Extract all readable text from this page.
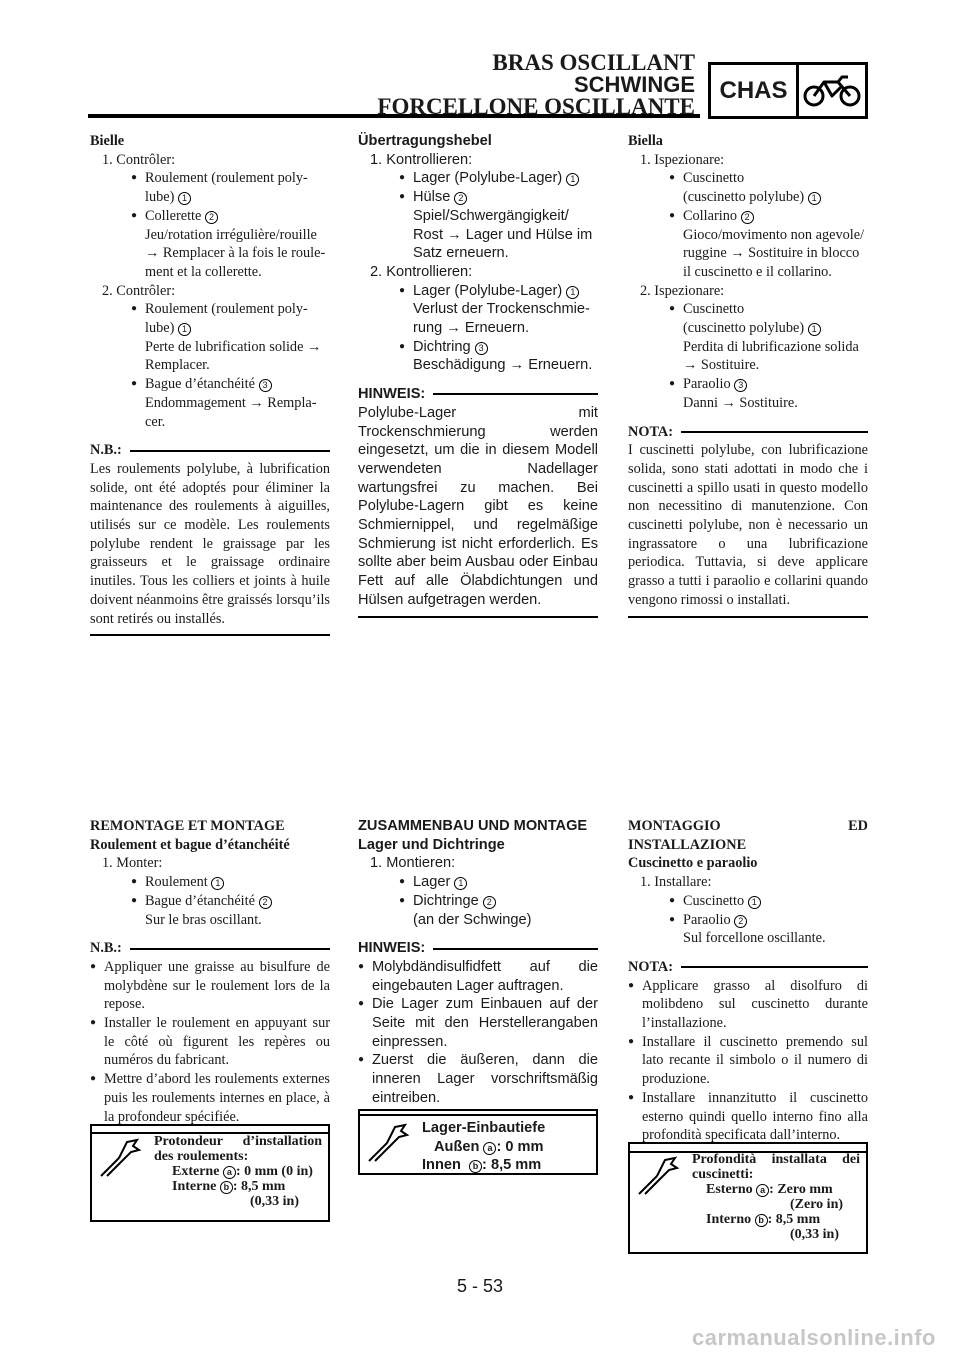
BRAS OSCILLANT
SCHWINGE
FORCELLONE OSCILLANTE
CHAS

Bielle

1. Contrôler:

● Roulement (roulement poly-

lube) 1

● Collerette 2

Jeu/rotation irrégulière/rouille

→ Remplacer à la fois le roule-

ment et la collerette.

2. Contrôler:

● Roulement (roulement poly-

lube) 1

Perte de lubrification solide →

Remplacer.

● Bague d’étanchéité 3

Endommagement → Rempla-

cer.

N.B.:

Les roulements polylube, à lubrification solide, ont été adoptés pour éliminer la maintenance des roulements à aiguilles, utilisés sur ce modèle. Les roulements polylube rendent le graissage par les graisseurs et le graissage ordinaire inutiles. Tous les colliers et joints à huile doivent néanmoins être graissés lorsqu’ils sont retirés ou installés.

Übertragungshebel

1. Kontrollieren:

● Lager (Polylube-Lager) 1

● Hülse 2

Spiel/Schwergängigkeit/

Rost → Lager und Hülse im

Satz erneuern.

2. Kontrollieren:

● Lager (Polylube-Lager) 1

Verlust der Trockenschmie-

rung → Erneuern.

● Dichtring 3

Beschädigung → Erneuern.

HINWEIS:

Polylube-Lager mit Trockenschmierung werden eingesetzt, um die in diesem Modell verwendeten Nadellager wartungsfrei zu machen. Bei Polylube-Lagern gibt es keine Schmiernippel, und regelmäßige Schmierung ist nicht erforderlich. Es sollte aber beim Ausbau oder Einbau Fett auf alle Ölabdichtungen und Hülsen aufgetragen werden.

Biella

1. Ispezionare:

● Cuscinetto

(cuscinetto polylube) 1

● Collarino 2

Gioco/movimento non agevole/

ruggine → Sostituire in blocco

il cuscinetto e il collarino.

2. Ispezionare:

● Cuscinetto

(cuscinetto polylube) 1

Perdita di lubrificazione solida

→ Sostituire.

● Paraolio 3

Danni → Sostituire.

NOTA:

I cuscinetti polylube, con lubrificazione solida, sono stati adottati in modo che i cuscinetti a spillo usati in questo modello non necessitino di manutenzione. Con cuscinetti polylube, non è necessario un ingrassatore o una lubrificazione periodica. Tuttavia, si deve applicare grasso a tutti i paraolio e collarini quando vengono rimossi o installati.

REMONTAGE ET MONTAGE

Roulement et bague d’étanchéité

1. Monter:

● Roulement 1

● Bague d’étanchéité 2

Sur le bras oscillant.

N.B.:

● Appliquer une graisse au bisulfure de molybdène sur le roulement lors de la repose.

● Installer le roulement en appuyant sur le côté où figurent les repères ou numéros du fabricant.

● Mettre d’abord les roulements externes puis les roulements internes en place, à la profondeur spécifiée.

Protondeur d’installation des roulements:
Externe a : 0 mm (0 in)
Interne b : 8,5 mm
(0,33 in)

ZUSAMMENBAU UND MONTAGE

Lager und Dichtringe

1. Montieren:

● Lager 1

● Dichtringe 2

(an der Schwinge)

HINWEIS:

● Molybdändisulfidfett auf die eingebauten Lager auftragen.

● Die Lager zum Einbauen auf der Seite mit den Herstellerangaben einpressen.

● Zuerst die äußeren, dann die inneren Lager vorschriftsmäßig eintreiben.

Lager-Einbautiefe
Außen a : 0 mm
Innen b : 8,5 mm

MONTAGGIO ED INSTALLAZIONE

Cuscinetto e paraolio

1. Installare:

● Cuscinetto 1

● Paraolio 2

Sul forcellone oscillante.

NOTA:

● Applicare grasso al disolfuro di molibdeno sul cuscinetto durante l’installazione.

● Installare il cuscinetto premendo sul lato recante il simbolo o il numero di produzione.

● Installare innanzitutto il cuscinetto esterno quindi quello interno fino alla profondità specificata dall’interno.

Profondità installata dei cuscinetti:
Esterno a : Zero mm
(Zero in)
Interno b : 8,5 mm
(0,33 in)
5 - 53
carmanualsonline.info
